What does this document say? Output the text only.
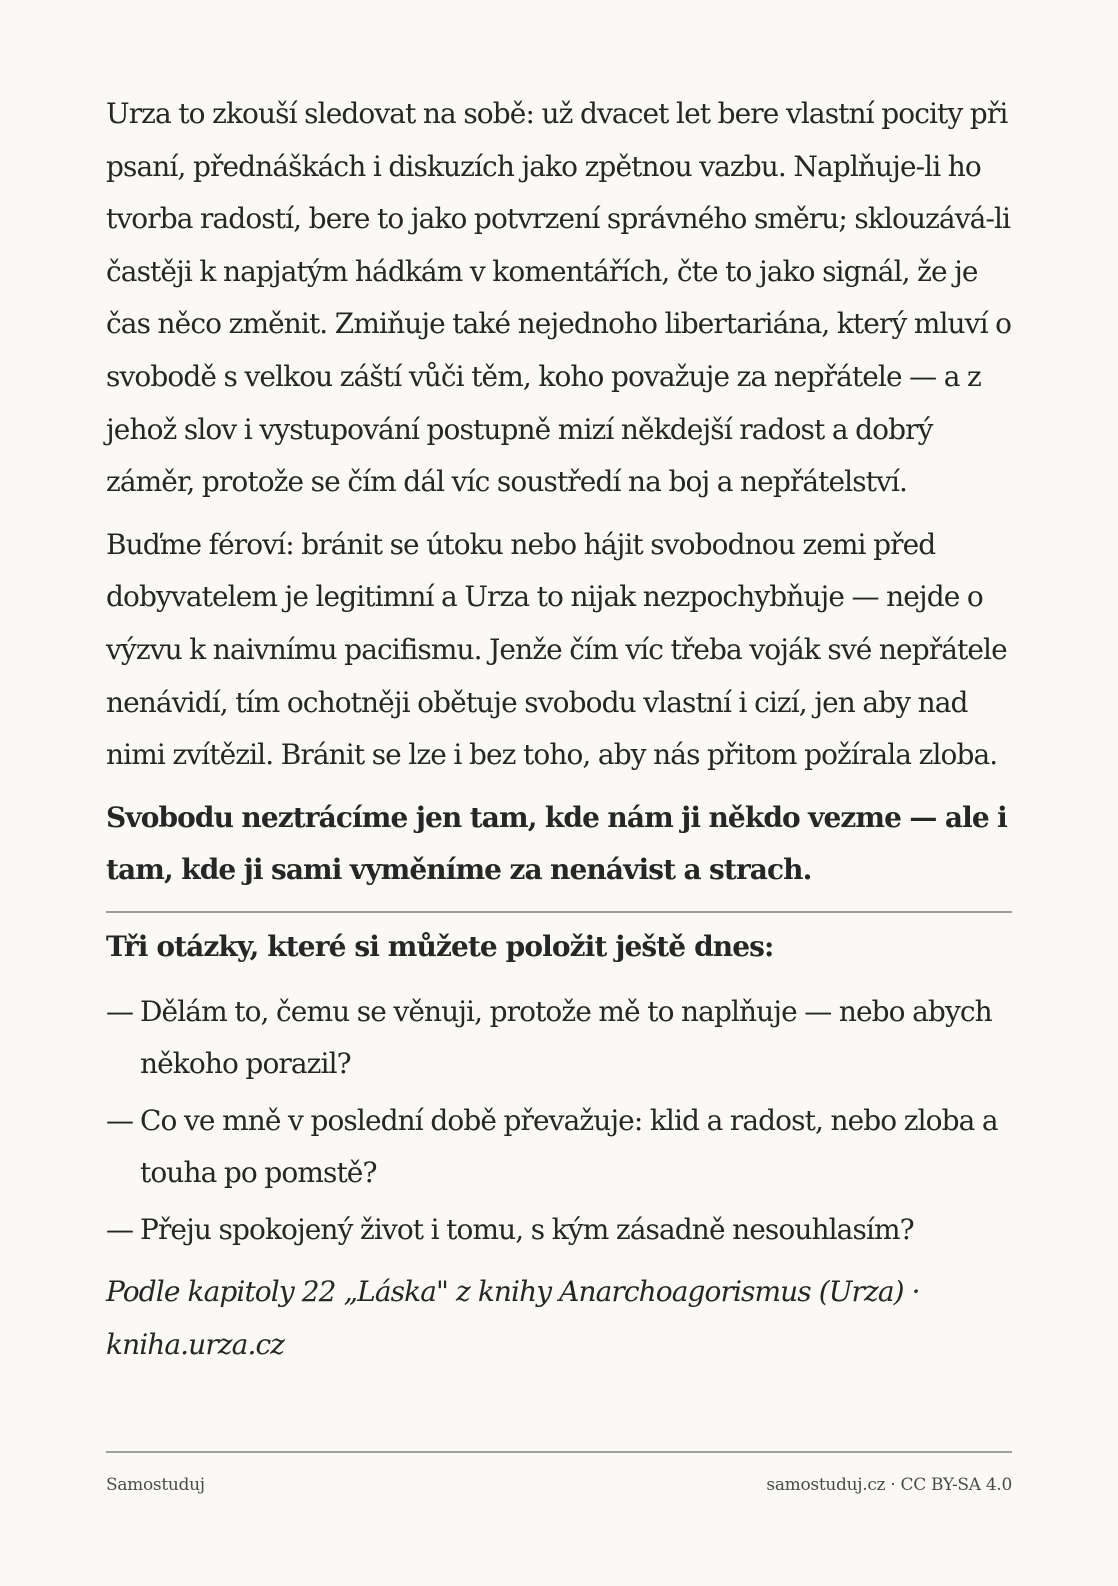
Urza to zkouší sledovat na sobě: už dvacet let bere vlastní pocity při psaní, přednáškách i diskuzích jako zpětnou vazbu. Naplňuje-li ho tvorba radostí, bere to jako potvrzení správného směru; sklouzává-li častěji k napjatým hádkám v komentářích, čte to jako signál, že je čas něco změnit. Zmiňuje také nejednoho libertariána, který mluví o svobodě s velkou záští vůči těm, koho považuje za nepřátele — a z jehož slov i vystupování postupně mizí někdejší radost a dobrý záměr, protože se čím dál víc soustředí na boj a nepřátelství.

Buďme féroví: bránit se útoku nebo hájit svobodnou zemi před dobyvatelem je legitimní a Urza to nijak nezpochybňuje — nejde o výzvu k naivnímu pacifismu. Jenže čím víc třeba voják své nepřátele nenávidí, tím ochotněji obětuje svobodu vlastní i cizí, jen aby nad nimi zvítězil. Bránit se lze i bez toho, aby nás přitom požírala zloba.

Svobodu neztrácíme jen tam, kde nám ji někdo vezme — ale i tam, kde ji sami vyměníme za nenávist a strach.

Tři otázky, které si můžete položit ještě dnes:
— Dělám to, čemu se věnuji, protože mě to naplňuje — nebo abych někoho porazil?
— Co ve mně v poslední době převažuje: klid a radost, nebo zloba a touha po pomstě?
— Přeju spokojený život i tomu, s kým zásadně nesouhlasím?

Podle kapitoly 22 „Láska" z knihy Anarchoagorismus (Urza) · kniha.urza.cz

Samostuduj	samostuduj.cz · CC BY-SA 4.0
